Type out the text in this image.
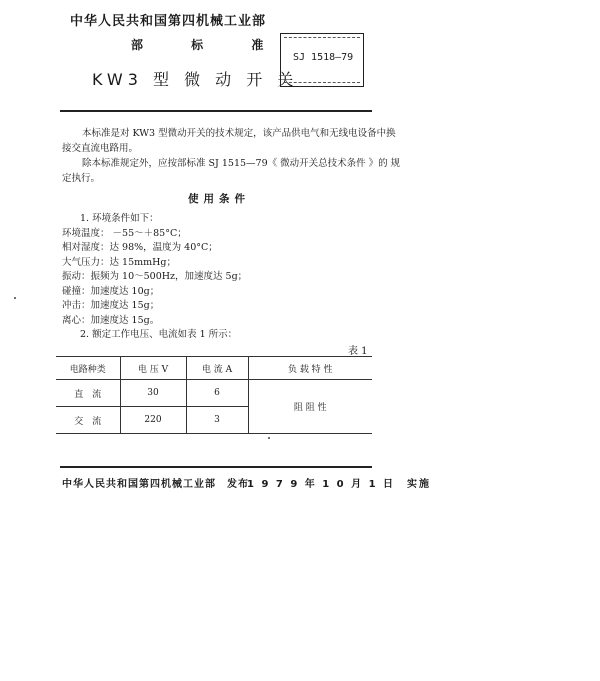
中华人民共和国第四机械工业部
部 标 准
KW3 型 微 动 开 关
SJ 1518—79
本标准是对 KW3 型微动开关的技术规定，该产品供电气和无线电设备中换
接交直流电路用。
除本标准规定外，应按部标准 SJ 1515—79《 微动开关总技术条件 》的 规
定执行。
使用条件
1. 环境条件如下：
环境温度： －55～＋85°C；
相对湿度：达 98%，温度为 40°C；
大气压力：达 15mmHg；
振动：振频为 10～500Hz，加速度达 5g；
碰撞：加速度达 10g；
冲击：加速度达 15g；
离心：加速度达 15g。
2. 额定工作电压、电流如表 1 所示：
表 1
电路种类	电 压 V	电 流 A	负 载 特 性
直　流	30	6	阻 阻 性
交　流	220	3	
中华人民共和国第四机械工业部　发布
1 9 7 9 年 1 0 月 1 日　实施
